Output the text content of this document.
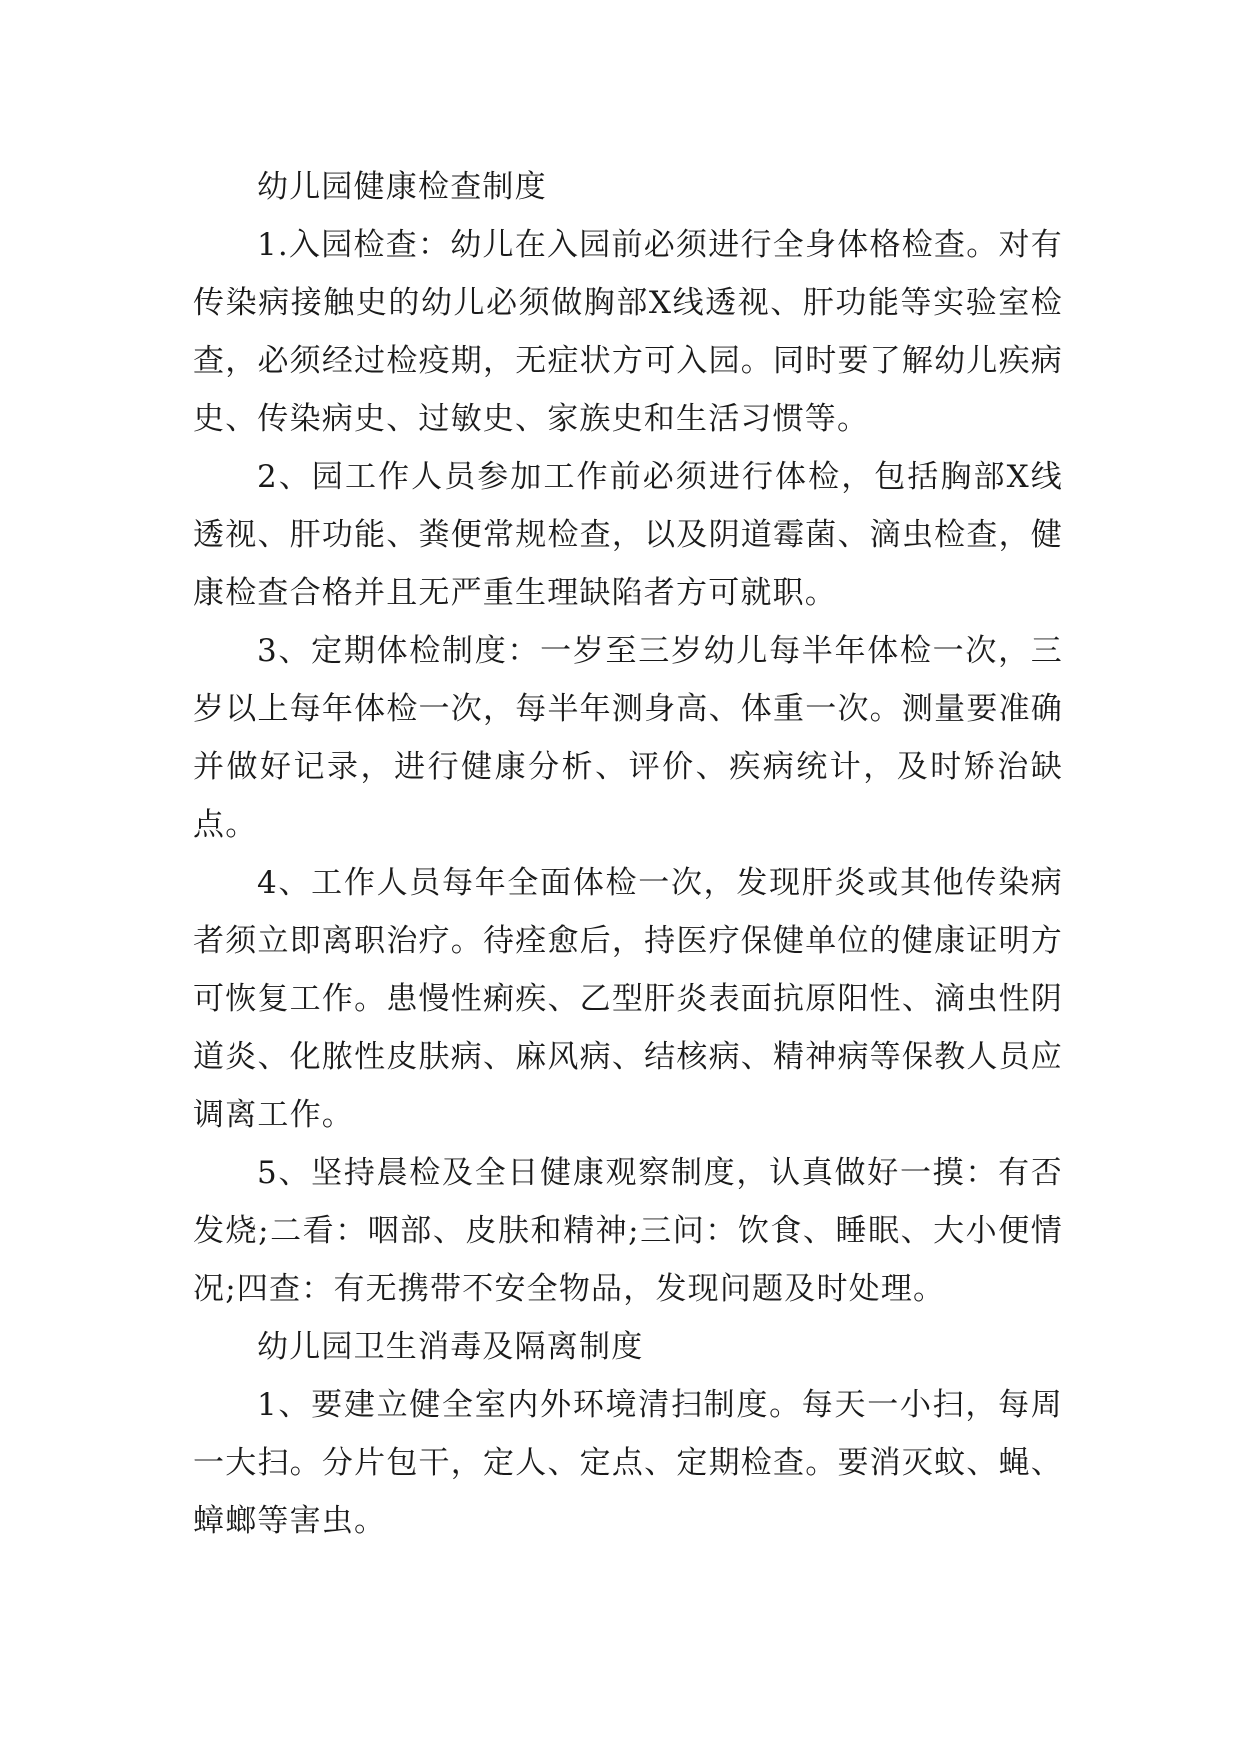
幼儿园健康检查制度

1.入园检查：幼儿在入园前必须进行全身体格检查。对有传染病接触史的幼儿必须做胸部X线透视、肝功能等实验室检查，必须经过检疫期，无症状方可入园。同时要了解幼儿疾病史、传染病史、过敏史、家族史和生活习惯等。

2、园工作人员参加工作前必须进行体检，包括胸部X线透视、肝功能、粪便常规检查，以及阴道霉菌、滴虫检查，健康检查合格并且无严重生理缺陷者方可就职。

3、定期体检制度：一岁至三岁幼儿每半年体检一次，三岁以上每年体检一次，每半年测身高、体重一次。测量要准确并做好记录，进行健康分析、评价、疾病统计，及时矫治缺点。

4、工作人员每年全面体检一次，发现肝炎或其他传染病者须立即离职治疗。待痊愈后，持医疗保健单位的健康证明方可恢复工作。患慢性痢疾、乙型肝炎表面抗原阳性、滴虫性阴道炎、化脓性皮肤病、麻风病、结核病、精神病等保教人员应调离工作。

5、坚持晨检及全日健康观察制度，认真做好一摸：有否发烧;二看：咽部、皮肤和精神;三问：饮食、睡眠、大小便情况;四查：有无携带不安全物品，发现问题及时处理。

幼儿园卫生消毒及隔离制度

1、要建立健全室内外环境清扫制度。每天一小扫，每周一大扫。分片包干，定人、定点、定期检查。要消灭蚊、蝇、蟑螂等害虫。
